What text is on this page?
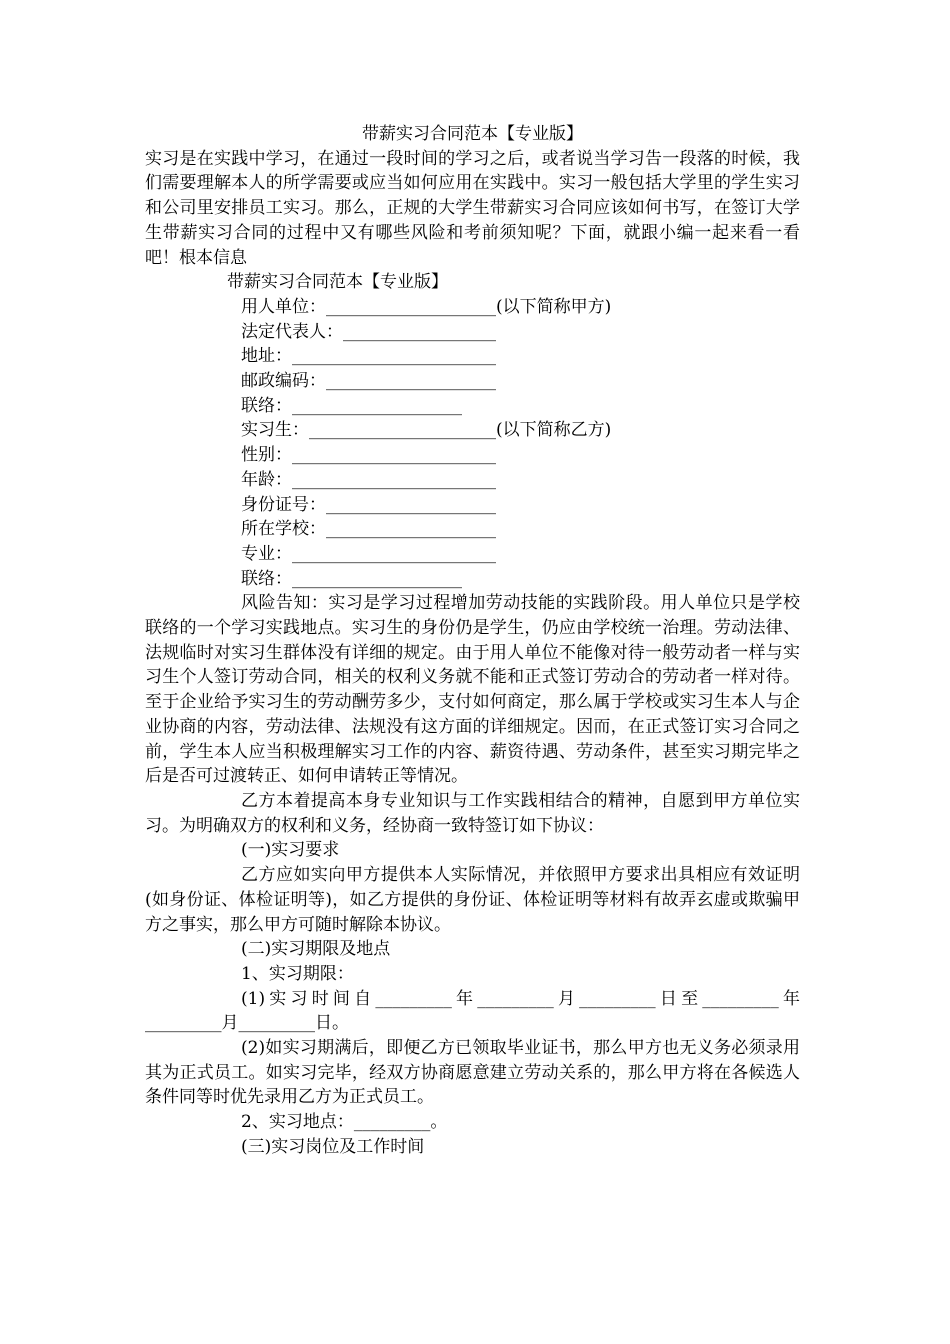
带薪实习合同范本【专业版】

实习是在实践中学习，在通过一段时间的学习之后，或者说当学习告一段落的时候，我们需要理解本人的所学需要或应当如何应用在实践中。实习一般包括大学里的学生实习和公司里安排员工实习。那么，正规的大学生带薪实习合同应该如何书写，在签订大学生带薪实习合同的过程中又有哪些风险和考前须知呢？下面，就跟小编一起来看一看吧！根本信息

带薪实习合同范本【专业版】

用人单位：____________________(以下简称甲方)

法定代表人：__________________

地址：________________________

邮政编码：____________________

联络：____________________

实习生：______________________(以下简称乙方)

性别：________________________

年龄：________________________

身份证号：____________________

所在学校：____________________

专业：________________________

联络：____________________

风险告知：实习是学习过程增加劳动技能的实践阶段。用人单位只是学校联络的一个学习实践地点。实习生的身份仍是学生，仍应由学校统一治理。劳动法律、法规临时对实习生群体没有详细的规定。由于用人单位不能像对待一般劳动者一样与实习生个人签订劳动合同，相关的权利义务就不能和正式签订劳动合的劳动者一样对待。至于企业给予实习生的劳动酬劳多少，支付如何商定，那么属于学校或实习生本人与企业协商的内容，劳动法律、法规没有这方面的详细规定。因而，在正式签订实习合同之前，学生本人应当积极理解实习工作的内容、薪资待遇、劳动条件，甚至实习期完毕之后是否可过渡转正、如何申请转正等情况。

乙方本着提高本身专业知识与工作实践相结合的精神，自愿到甲方单位实习。为明确双方的权利和义务，经协商一致特签订如下协议：

(一)实习要求

乙方应如实向甲方提供本人实际情况，并依照甲方要求出具相应有效证明(如身份证、体检证明等)，如乙方提供的身份证、体检证明等材料有故弄玄虚或欺骗甲方之事实，那么甲方可随时解除本协议。

(二)实习期限及地点

1、实习期限：

(1)实习时间自_________年_________月_________日至_________年_________月_________日。

(2)如实习期满后，即便乙方已领取毕业证书，那么甲方也无义务必须录用其为正式员工。如实习完毕，经双方协商愿意建立劳动关系的，那么甲方将在各候选人条件同等时优先录用乙方为正式员工。

2、实习地点：_________。

(三)实习岗位及工作时间
